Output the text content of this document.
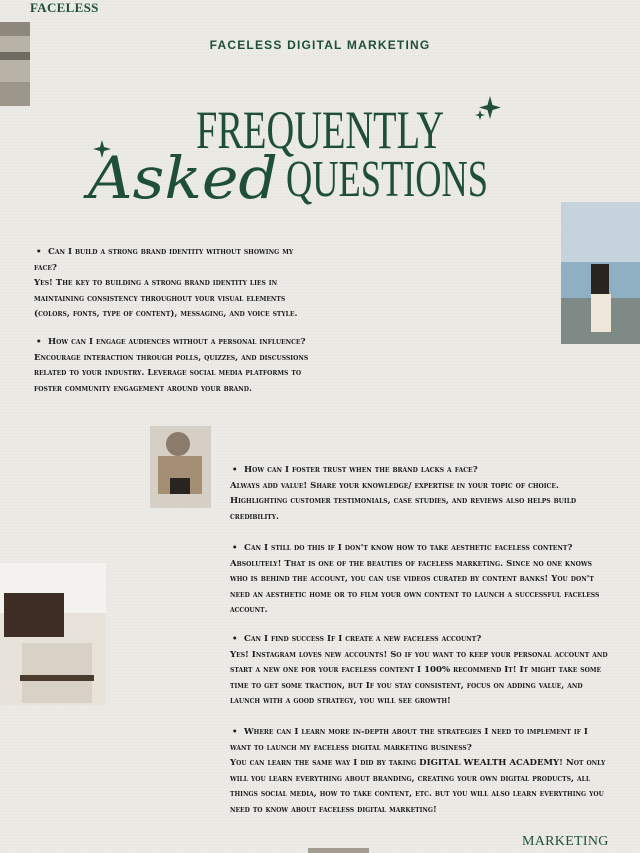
FACELESS
FACELESS DIGITAL MARKETING
FREQUENTLY
Asked QUESTIONS
• Can I build a strong brand identity without showing my face?
Yes! The key to building a strong brand identity lies in maintaining consistency throughout your visual elements (colors, fonts, type of content), messaging, and voice style.
• How can I engage audiences without a personal influence?
Encourage interaction through polls, quizzes, and discussions related to your industry. Leverage social media platforms to foster community engagement around your brand.
• How can I foster trust when the brand lacks a face?
Always add value! Share your knowledge/ expertise in your topic of choice. Highlighting customer testimonials, case studies, and reviews also helps build credibility.
• Can I still do this if I don't know how to take aesthetic faceless content?
Absolutely! That is one of the beauties of faceless marketing. Since no one knows who is behind the account, you can use videos curated by content banks! You don't need an aesthetic home or to film your own content to launch a successful faceless account.
• Can I find success If I create a new faceless account?
Yes! Instagram loves new accounts! So if you want to keep your personal account and start a new one for your faceless content I 100% recommend It! It might take some time to get some traction, but If you stay consistent, focus on adding value, and launch with a good strategy, you will see growth!
• Where can I learn more in-depth about the strategies I need to implement if I want to launch my faceless digital marketing business?
You can learn the same way I did by taking DIGITAL WEALTH ACADEMY! Not only will you learn everything about branding, creating your own digital products, all things social media, how to take content, etc. but you will also learn everything you need to know about faceless digital marketing!
MARKETING
